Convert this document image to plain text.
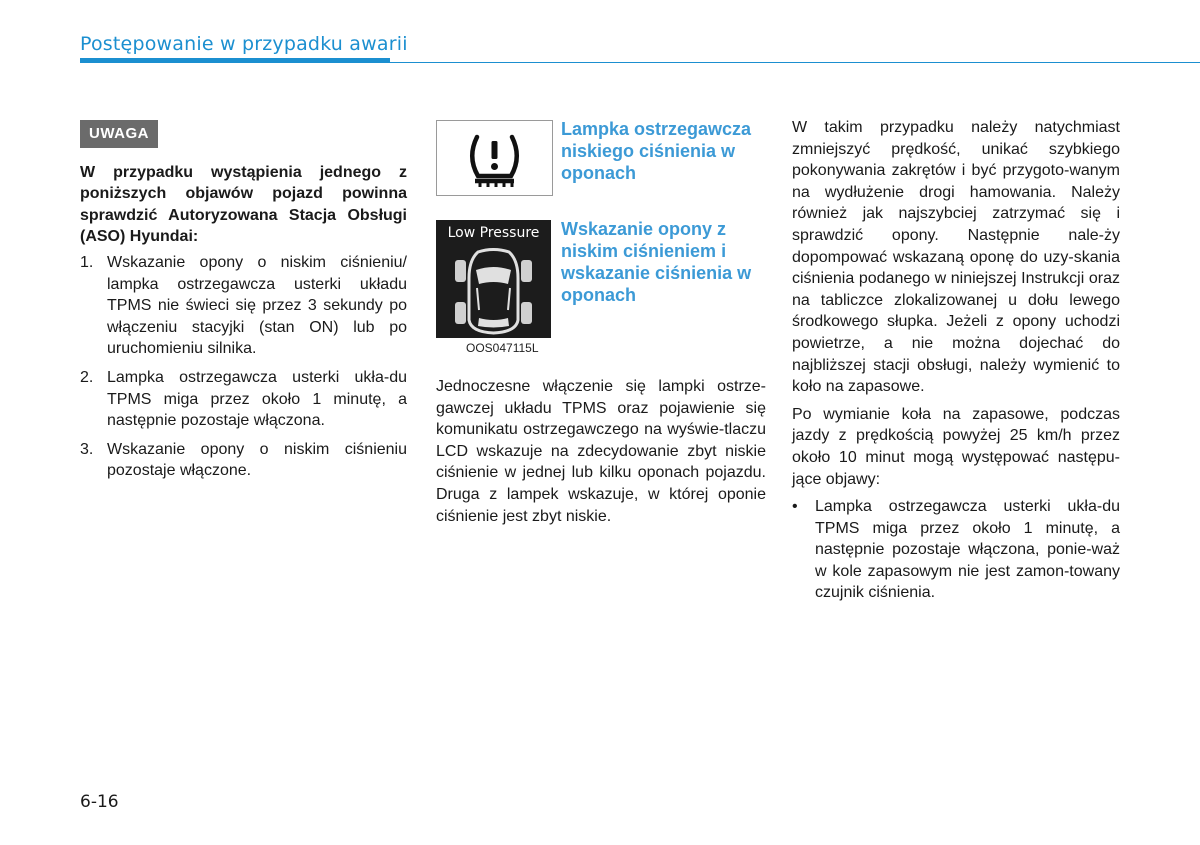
Postępowanie w przypadku awarii
UWAGA

W przypadku wystąpienia jednego z poniższych objawów pojazd powinna sprawdzić Autoryzowana Stacja Obsługi (ASO) Hyundai:

1. Wskazanie opony o niskim ciśnieniu/ lampka ostrzegawcza usterki układu TPMS nie świeci się przez 3 sekundy po włączeniu stacyjki (stan ON) lub po uruchomieniu silnika.
2. Lampka ostrzegawcza usterki ukła-du TPMS miga przez około 1 minutę, a następnie pozostaje włączona.
3. Wskazanie opony o niskim ciśnieniu pozostaje włączone.
Lampka ostrzegawcza niskiego ciśnienia w oponach
Low Pressure	Wskazanie opony z niskim ciśnieniem i wskazanie ciśnienia w oponach
OOS047115L
Jednoczesne włączenie się lampki ostrze-gawczej układu TPMS oraz pojawienie się komunikatu ostrzegawczego na wyświe-tlaczu LCD wskazuje na zdecydowanie zbyt niskie ciśnienie w jednej lub kilku oponach pojazdu. Druga z lampek wskazuje, w której oponie ciśnienie jest zbyt niskie.

W takim przypadku należy natychmiast zmniejszyć prędkość, unikać szybkiego pokonywania zakrętów i być przygoto-wanym na wydłużenie drogi hamowania. Należy również jak najszybciej zatrzymać się i sprawdzić opony. Następnie nale-ży dopompować wskazaną oponę do uzy-skania ciśnienia podanego w niniejszej Instrukcji oraz na tabliczce zlokalizowanej u dołu lewego środkowego słupka. Jeżeli z opony uchodzi powietrze, a nie można dojechać do najbliższej stacji obsługi, należy wymienić to koło na zapasowe.

Po wymianie koła na zapasowe, podczas jazdy z prędkością powyżej 25 km/h przez około 10 minut mogą występować następu-jące objawy:

•	Lampka ostrzegawcza usterki ukła-du TPMS miga przez około 1 minutę, a następnie pozostaje włączona, ponie-waż w kole zapasowym nie jest zamon-towany czujnik ciśnienia.
6-16
